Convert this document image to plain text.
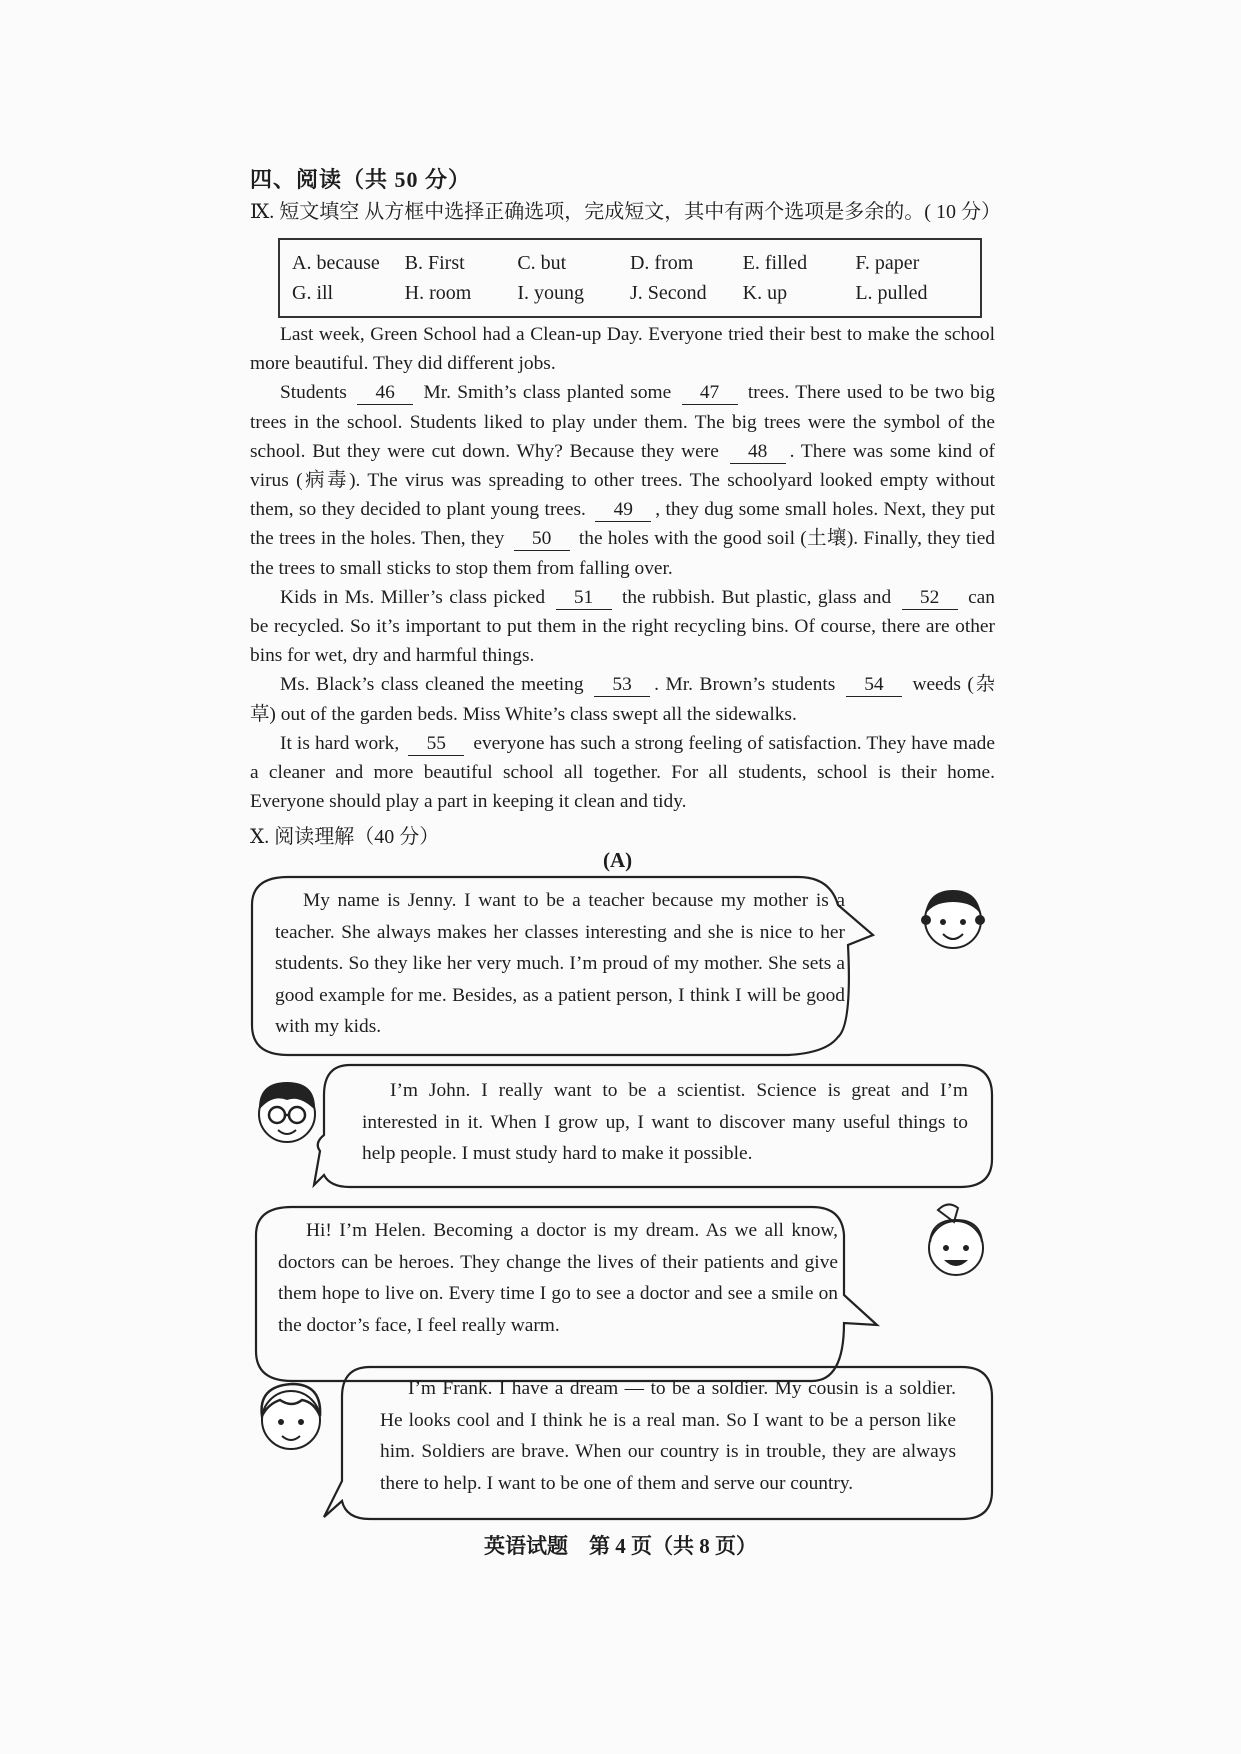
四、阅读（共 50 分）
Ⅸ. 短文填空 从方框中选择正确选项，完成短文，其中有两个选项是多余的。( 10 分）
A. because	B. First	C. but	D. from	E. filled	F. paper
G. ill	H. room	I. young	J. Second	K. up	L. pulled

Last week, Green School had a Clean-up Day. Everyone tried their best to make the school more beautiful. They did different jobs.

Students 46 Mr. Smith’s class planted some 47 trees. There used to be two big trees in the school. Students liked to play under them. The big trees were the symbol of the school. But they were cut down. Why? Because they were 48 . There was some kind of virus (病毒). The virus was spreading to other trees. The schoolyard looked empty without them, so they decided to plant young trees. 49 , they dug some small holes. Next, they put the trees in the holes. Then, they 50 the holes with the good soil (土壤). Finally, they tied the trees to small sticks to stop them from falling over.

Kids in Ms. Miller’s class picked 51 the rubbish. But plastic, glass and 52 can be recycled. So it’s important to put them in the right recycling bins. Of course, there are other bins for wet, dry and harmful things.

Ms. Black’s class cleaned the meeting 53 . Mr. Brown’s students 54 weeds (杂草) out of the garden beds. Miss White’s class swept all the sidewalks.

It is hard work, 55 everyone has such a strong feeling of satisfaction. They have made a cleaner and more beautiful school all together. For all students, school is their home. Everyone should play a part in keeping it clean and tidy.

Ⅹ. 阅读理解（40 分）
(A)
My name is Jenny. I want to be a teacher because my mother is a teacher. She always makes her classes interesting and she is nice to her students. So they like her very much. I’m proud of my mother. She sets a good example for me. Besides, as a patient person, I think I will be good with my kids.
I’m John. I really want to be a scientist. Science is great and I’m interested in it. When I grow up, I want to discover many useful things to help people. I must study hard to make it possible.
Hi! I’m Helen. Becoming a doctor is my dream. As we all know, doctors can be heroes. They change the lives of their patients and give them hope to live on. Every time I go to see a doctor and see a smile on the doctor’s face, I feel really warm.
I’m Frank. I have a dream — to be a soldier. My cousin is a soldier. He looks cool and I think he is a real man. So I want to be a person like him. Soldiers are brave. When our country is in trouble, they are always there to help. I want to be one of them and serve our country.
英语试题　第 4 页（共 8 页）
